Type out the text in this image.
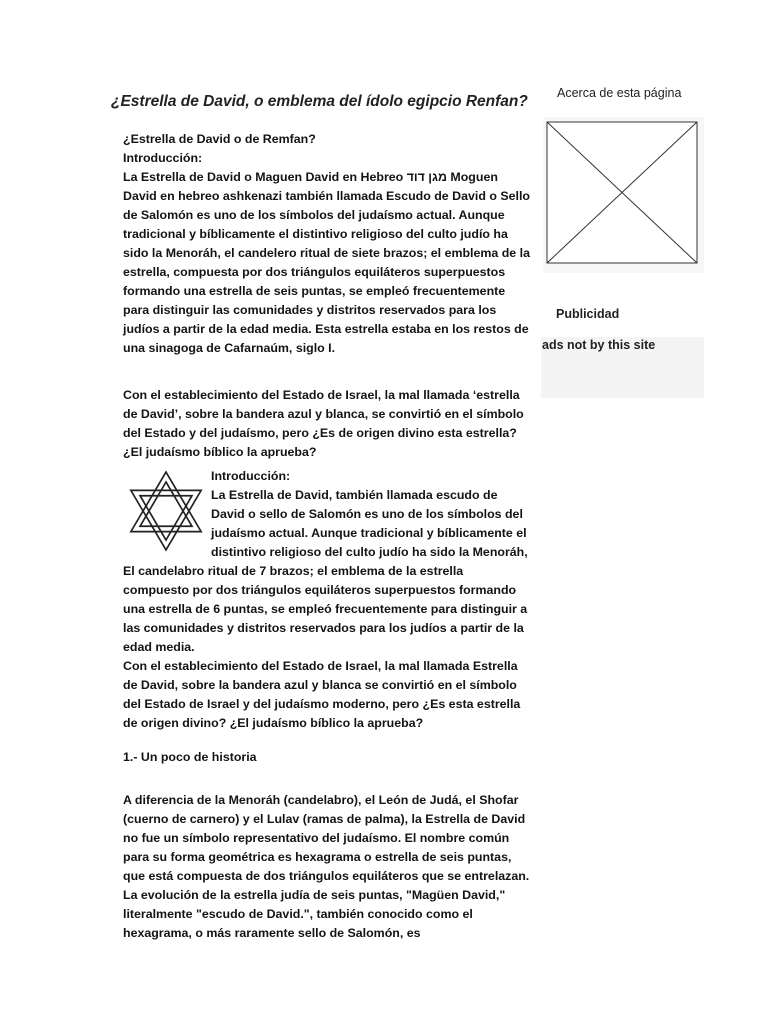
¿Estrella de David, o emblema del ídolo egipcio Renfan?
¿Estrella de David o de Remfan?
Introducción:
La Estrella de David o Maguen David en Hebreo מגן דוד Moguen David en hebreo ashkenazi también llamada Escudo de David o Sello de Salomón es uno de los símbolos del judaísmo actual. Aunque tradicional y bíblicamente el distintivo religioso del culto judío ha sido la Menoráh, el candelero ritual de siete brazos; el emblema de la estrella, compuesta por dos triángulos equiláteros superpuestos formando una estrella de seis puntas, se empleó frecuentemente para distinguir las comunidades y distritos reservados para los judíos a partir de la edad media. Esta estrella estaba en los restos de una sinagoga de Cafarnaúm, siglo I.

Con el establecimiento del Estado de Israel, la mal llamada ‘estrella de David’, sobre la bandera azul y blanca, se convirtió en el símbolo del Estado y del judaísmo, pero ¿Es de origen divino esta estrella? ¿El judaísmo bíblico la aprueba?

Introducción:
La Estrella de David, también llamada escudo de David o sello de Salomón es uno de los símbolos del judaísmo actual. Aunque tradicional y bíblicamente el distintivo religioso del culto judío ha sido la Menoráh, El candelabro ritual de 7 brazos; el emblema de la estrella compuesto por dos triángulos equiláteros superpuestos formando una estrella de 6 puntas, se empleó frecuentemente para distinguir a las comunidades y distritos reservados para los judíos a partir de la edad media.
Con el establecimiento del Estado de Israel, la mal llamada Estrella de David, sobre la bandera azul y blanca se convirtió en el símbolo del Estado de Israel y del judaísmo moderno, pero ¿Es esta estrella de origen divino? ¿El judaísmo bíblico la aprueba?
1.- Un poco de historia

A diferencia de la Menoráh (candelabro), el León de Judá, el Shofar (cuerno de carnero) y el Lulav (ramas de palma), la Estrella de David no fue un símbolo representativo del judaísmo. El nombre común para su forma geométrica es hexagrama o estrella de seis puntas, que está compuesta de dos triángulos equiláteros que se entrelazan. La evolución de la estrella judía de seis puntas, "Magüen David," literalmente "escudo de David.", también conocido como el hexagrama, o más raramente sello de Salomón, es

Acerca de esta página
Publicidad
ads not by this site
